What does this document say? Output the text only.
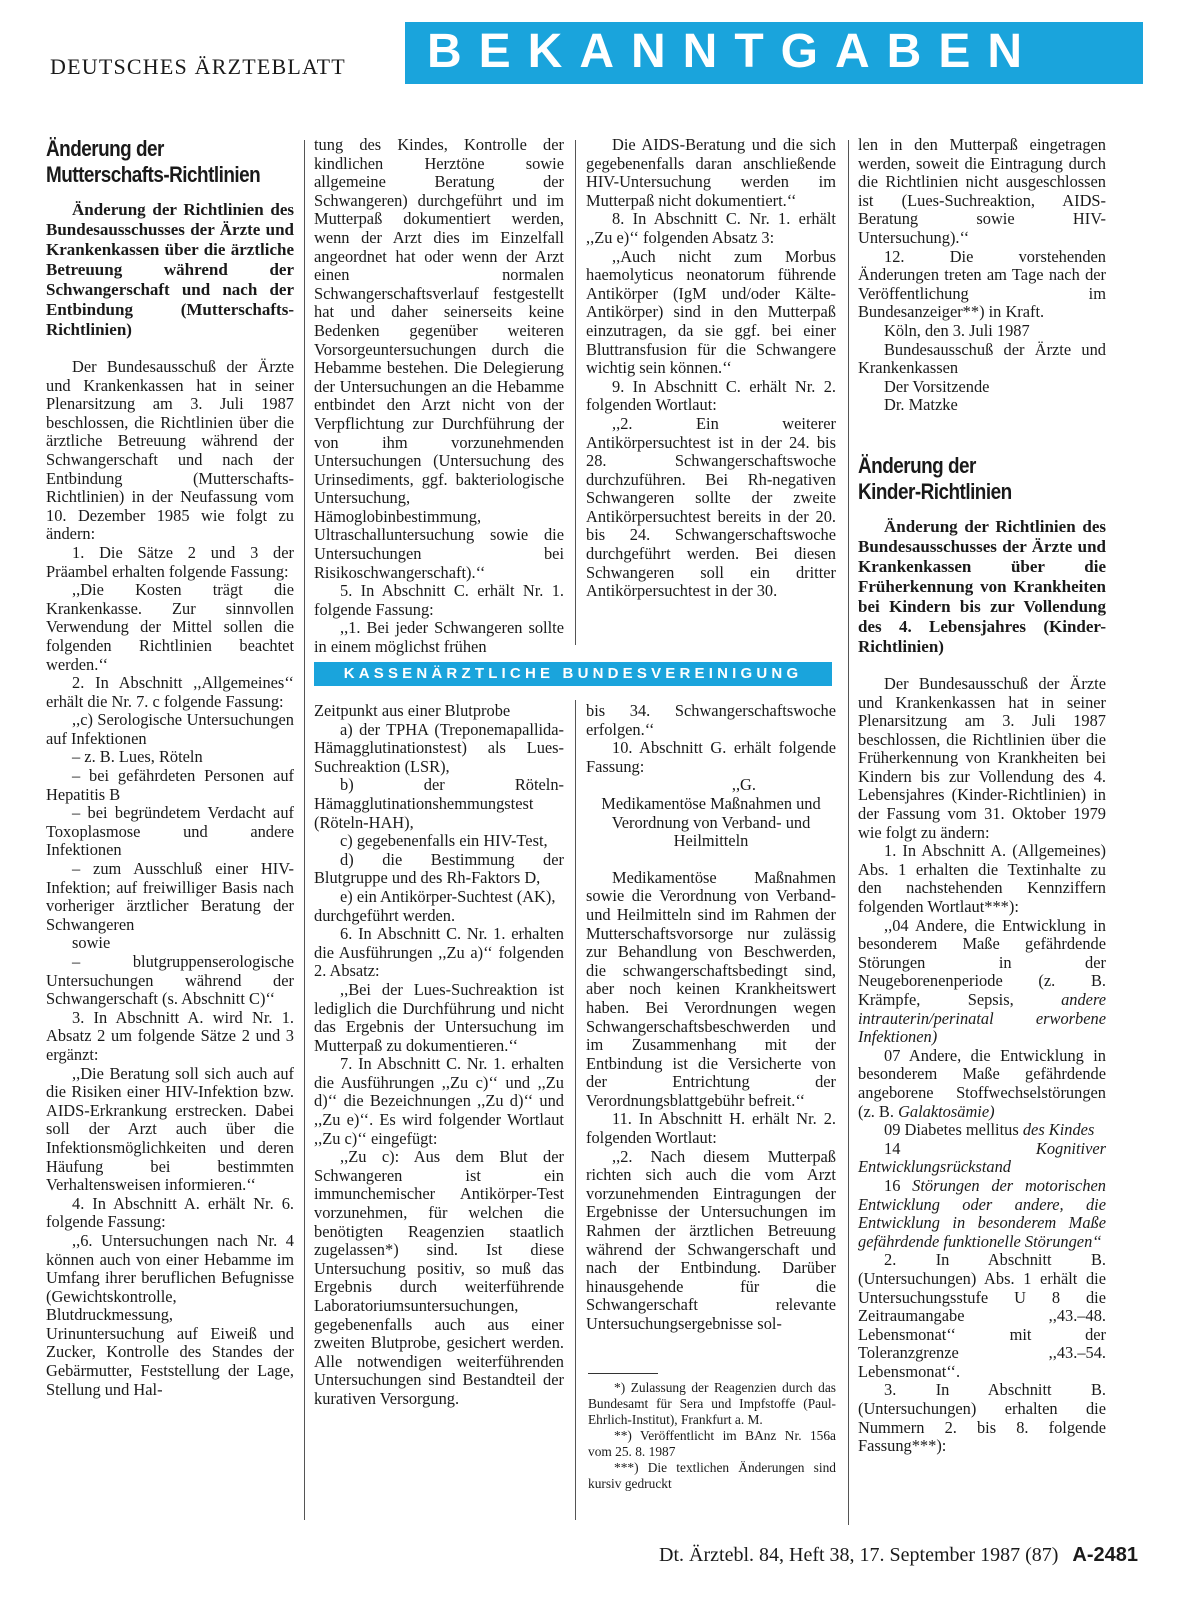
DEUTSCHES ÄRZTEBLATT BEKANNTGABEN
Änderung der
Mutterschafts-Richtlinien

Änderung der Richtlinien des Bundesausschusses der Ärzte und Krankenkassen über die ärztliche Betreuung während der Schwangerschaft und nach der Entbindung (Mutterschafts-Richtlinien)

Der Bundesausschuß der Ärzte und Krankenkassen hat in seiner Plenarsitzung am 3. Juli 1987 beschlossen, die Richtlinien über die ärztliche Betreuung während der Schwangerschaft und nach der Entbindung (Mutterschafts-Richtlinien) in der Neufassung vom 10. Dezember 1985 wie folgt zu ändern:

1. Die Sätze 2 und 3 der Präambel erhalten folgende Fassung:

,,Die Kosten trägt die Krankenkasse. Zur sinnvollen Verwendung der Mittel sollen die folgenden Richtlinien beachtet werden.‘‘

2. In Abschnitt ,,Allgemeines‘‘ erhält die Nr. 7. c folgende Fassung:

,,c) Serologische Untersuchungen auf Infektionen

– z. B. Lues, Röteln

– bei gefährdeten Personen auf Hepatitis B

– bei begründetem Verdacht auf Toxoplasmose und andere Infektionen

– zum Ausschluß einer HIV-Infektion; auf freiwilliger Basis nach vorheriger ärztlicher Beratung der Schwangeren

sowie

– blutgruppenserologische Untersuchungen während der Schwangerschaft (s. Abschnitt C)‘‘

3. In Abschnitt A. wird Nr. 1. Absatz 2 um folgende Sätze 2 und 3 ergänzt:

,,Die Beratung soll sich auch auf die Risiken einer HIV-Infektion bzw. AIDS-Erkrankung erstrecken. Dabei soll der Arzt auch über die Infektionsmöglichkeiten und deren Häufung bei bestimmten Verhaltensweisen informieren.‘‘

4. In Abschnitt A. erhält Nr. 6. folgende Fassung:

,,6. Untersuchungen nach Nr. 4 können auch von einer Hebamme im Umfang ihrer beruflichen Befugnisse (Gewichtskontrolle, Blutdruckmessung, Urinuntersuchung auf Eiweiß und Zucker, Kontrolle des Standes der Gebärmutter, Feststellung der Lage, Stellung und Hal-

tung des Kindes, Kontrolle der kindlichen Herztöne sowie allgemeine Beratung der Schwangeren) durchgeführt und im Mutterpaß dokumentiert werden, wenn der Arzt dies im Einzelfall angeordnet hat oder wenn der Arzt einen normalen Schwangerschaftsverlauf festgestellt hat und daher seinerseits keine Bedenken gegenüber weiteren Vorsorgeuntersuchungen durch die Hebamme bestehen. Die Delegierung der Untersuchungen an die Hebamme entbindet den Arzt nicht von der Verpflichtung zur Durchführung der von ihm vorzunehmenden Untersuchungen (Untersuchung des Urinsediments, ggf. bakteriologische Untersuchung, Hämoglobinbestimmung, Ultraschalluntersuchung sowie die Untersuchungen bei Risikoschwangerschaft).‘‘

5. In Abschnitt C. erhält Nr. 1. folgende Fassung:

,,1. Bei jeder Schwangeren sollte in einem möglichst frühen

Die AIDS-Beratung und die sich gegebenenfalls daran anschließende HIV-Untersuchung werden im Mutterpaß nicht dokumentiert.‘‘

8. In Abschnitt C. Nr. 1. erhält ,,Zu e)‘‘ folgenden Absatz 3:

,,Auch nicht zum Morbus haemolyticus neonatorum führende Antikörper (IgM und/oder Kälte-Antikörper) sind in den Mutterpaß einzutragen, da sie ggf. bei einer Bluttransfusion für die Schwangere wichtig sein können.‘‘

9. In Abschnitt C. erhält Nr. 2. folgenden Wortlaut:

,,2. Ein weiterer Antikörpersuchtest ist in der 24. bis 28. Schwangerschaftswoche durchzuführen. Bei Rh-negativen Schwangeren sollte der zweite Antikörpersuchtest bereits in der 20. bis 24. Schwangerschaftswoche durchgeführt werden. Bei diesen Schwangeren soll ein dritter Antikörpersuchtest in der 30.

KASSENÄRZTLICHE BUNDESVEREINIGUNG

Zeitpunkt aus einer Blutprobe

a) der TPHA (Treponemapallida-Hämagglutinationstest) als Lues-Suchreaktion (LSR),

b) der Röteln-Hämagglutinationshemmungstest (Röteln-HAH),

c) gegebenenfalls ein HIV-Test,

d) die Bestimmung der Blutgruppe und des Rh-Faktors D,

e) ein Antikörper-Suchtest (AK),

durchgeführt werden.

6. In Abschnitt C. Nr. 1. erhalten die Ausführungen ,,Zu a)‘‘ folgenden 2. Absatz:

,,Bei der Lues-Suchreaktion ist lediglich die Durchführung und nicht das Ergebnis der Untersuchung im Mutterpaß zu dokumentieren.‘‘

7. In Abschnitt C. Nr. 1. erhalten die Ausführungen ,,Zu c)‘‘ und ,,Zu d)‘‘ die Bezeichnungen ,,Zu d)‘‘ und ,,Zu e)‘‘. Es wird folgender Wortlaut ,,Zu c)‘‘ eingefügt:

,,Zu c): Aus dem Blut der Schwangeren ist ein immunchemischer Antikörper-Test vorzunehmen, für welchen die benötigten Reagenzien staatlich zugelassen*) sind. Ist diese Untersuchung positiv, so muß das Ergebnis durch weiterführende Laboratoriumsuntersuchungen, gegebenenfalls auch aus einer zweiten Blutprobe, gesichert werden. Alle notwendigen weiterführenden Untersuchungen sind Bestandteil der kurativen Versorgung.

bis 34. Schwangerschaftswoche erfolgen.‘‘

10. Abschnitt G. erhält folgende Fassung:

,,G.

Medikamentöse Maßnahmen und Verordnung von Verband- und Heilmitteln

Medikamentöse Maßnahmen sowie die Verordnung von Verband- und Heilmitteln sind im Rahmen der Mutterschaftsvorsorge nur zulässig zur Behandlung von Beschwerden, die schwangerschaftsbedingt sind, aber noch keinen Krankheitswert haben. Bei Verordnungen wegen Schwangerschaftsbeschwerden und im Zusammenhang mit der Entbindung ist die Versicherte von der Entrichtung der Verordnungsblattgebühr befreit.‘‘

11. In Abschnitt H. erhält Nr. 2. folgenden Wortlaut:

,,2. Nach diesem Mutterpaß richten sich auch die vom Arzt vorzunehmenden Eintragungen der Ergebnisse der Untersuchungen im Rahmen der ärztlichen Betreuung während der Schwangerschaft und nach der Entbindung. Darüber hinausgehende für die Schwangerschaft relevante Untersuchungsergebnisse sol-

*) Zulassung der Reagenzien durch das Bundesamt für Sera und Impfstoffe (Paul-Ehrlich-Institut), Frankfurt a. M.

**) Veröffentlicht im BAnz Nr. 156a vom 25. 8. 1987

***) Die textlichen Änderungen sind kursiv gedruckt

len in den Mutterpaß eingetragen werden, soweit die Eintragung durch die Richtlinien nicht ausgeschlossen ist (Lues-Suchreaktion, AIDS-Beratung sowie HIV-Untersuchung).‘‘

12. Die vorstehenden Änderungen treten am Tage nach der Veröffentlichung im Bundesanzeiger**) in Kraft.

Köln, den 3. Juli 1987

Bundesausschuß der Ärzte und Krankenkassen

Der Vorsitzende

Dr. Matzke

Änderung der
Kinder-Richtlinien

Änderung der Richtlinien des Bundesausschusses der Ärzte und Krankenkassen über die Früherkennung von Krankheiten bei Kindern bis zur Vollendung des 4. Lebensjahres (Kinder-Richtlinien)

Der Bundesausschuß der Ärzte und Krankenkassen hat in seiner Plenarsitzung am 3. Juli 1987 beschlossen, die Richtlinien über die Früherkennung von Krankheiten bei Kindern bis zur Vollendung des 4. Lebensjahres (Kinder-Richtlinien) in der Fassung vom 31. Oktober 1979 wie folgt zu ändern:

1. In Abschnitt A. (Allgemeines) Abs. 1 erhalten die Textinhalte zu den nachstehenden Kennziffern folgenden Wortlaut***):

,,04 Andere, die Entwicklung in besonderem Maße gefährdende Störungen in der Neugeborenenperiode (z. B. Krämpfe, Sepsis, andere intrauterin/perinatal erworbene Infektionen)

07 Andere, die Entwicklung in besonderem Maße gefährdende angeborene Stoffwechselstörungen (z. B. Galaktosämie)

09 Diabetes mellitus des Kindes

14 Kognitiver Entwicklungsrückstand

16 Störungen der motorischen Entwicklung oder andere, die Entwicklung in besonderem Maße gefährdende funktionelle Störungen‘‘

2. In Abschnitt B. (Untersuchungen) Abs. 1 erhält die Untersuchungsstufe U 8 die Zeitraumangabe ,,43.–48. Lebensmonat‘‘ mit der Toleranzgrenze ,,43.–54. Lebensmonat‘‘.

3. In Abschnitt B. (Untersuchungen) erhalten die Nummern 2. bis 8. folgende Fassung***):

Dt. Ärztebl. 84, Heft 38, 17. September 1987 (87) A-2481
